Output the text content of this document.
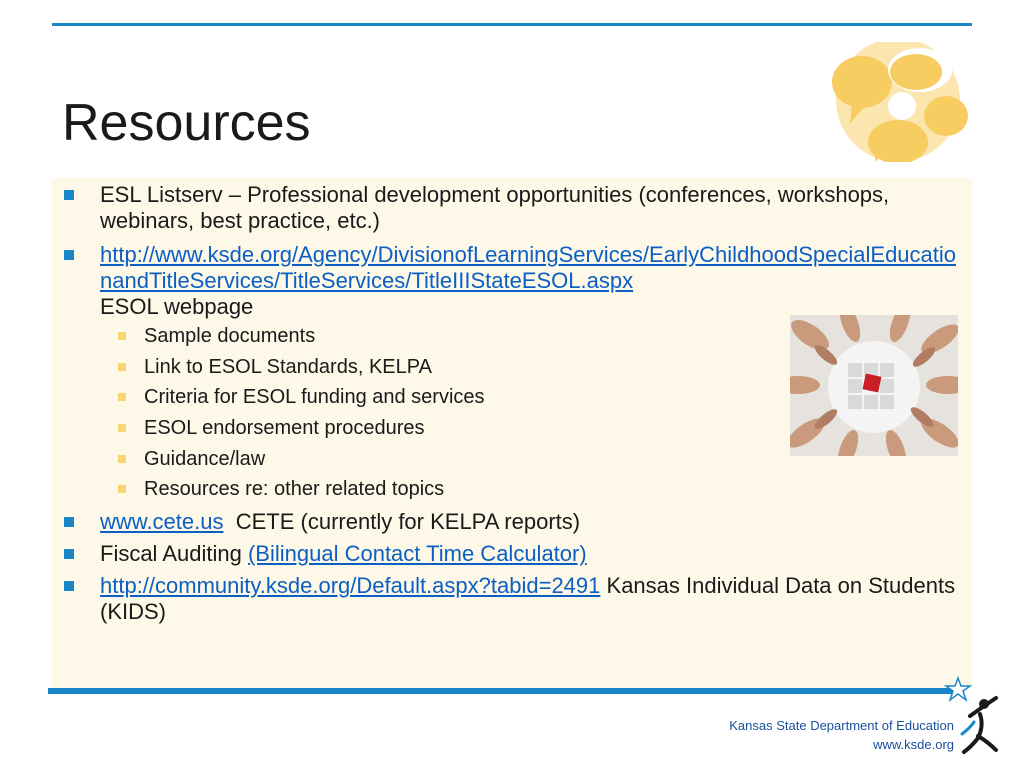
Resources
ESL Listserv – Professional development opportunities (conferences, workshops, webinars, best practice, etc.)
http://www.ksde.org/Agency/DivisionofLearningServices/EarlyChildhoodSpecialEducationandTitleServices/TitleServices/TitleIIIStateESOL.aspx
ESOL webpage
Sample documents
Link to ESOL Standards, KELPA
Criteria for ESOL funding and services
ESOL endorsement procedures
Guidance/law
Resources re: other related topics
www.cete.us CETE (currently for KELPA reports)
Fiscal Auditing (Bilingual Contact Time Calculator)
http://community.ksde.org/Default.aspx?tabid=2491 Kansas Individual Data on Students (KIDS)
Kansas State Department of Education
www.ksde.org
